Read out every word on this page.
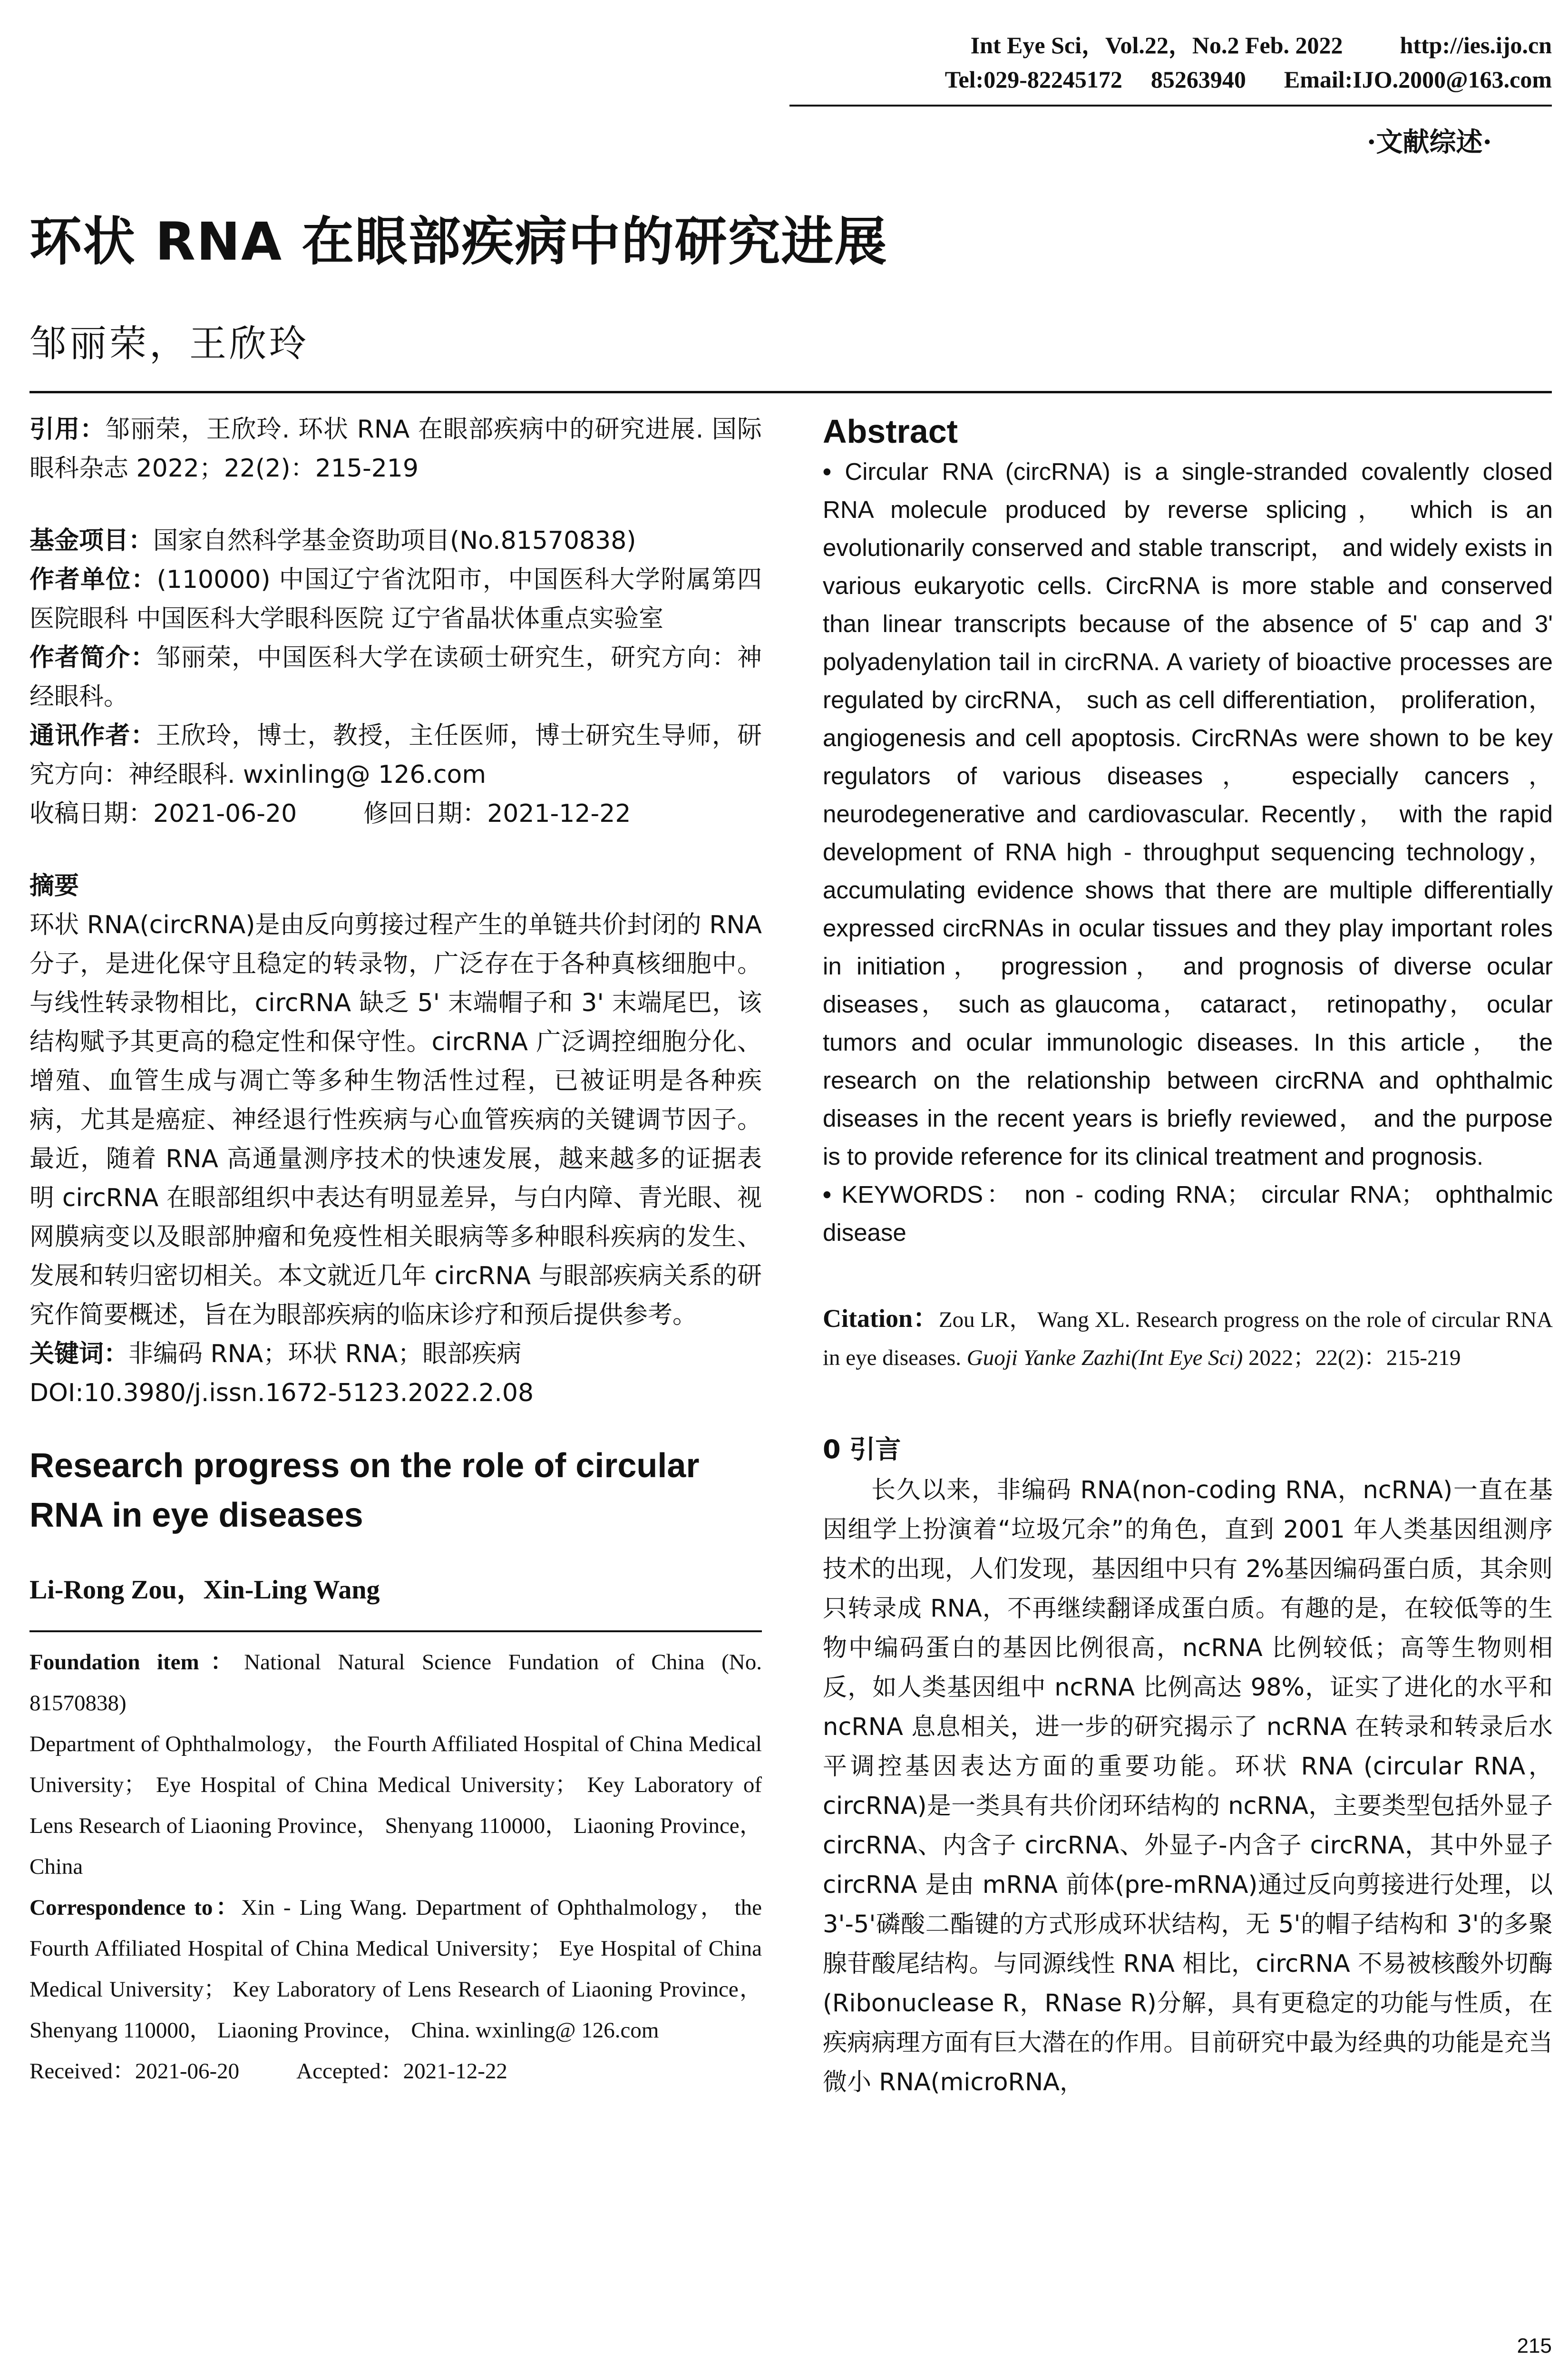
Int Eye Sci，Vol.22，No.2 Feb. 2022 http://ies.ijo.cn
Tel:029-82245172 85263940 Email:IJO.2000@163.com
·文献综述·
环状 RNA 在眼部疾病中的研究进展
邹丽荣，王欣玲

引用：邹丽荣，王欣玲. 环状 RNA 在眼部疾病中的研究进展. 国际眼科杂志 2022；22(2)：215-219

基金项目：国家自然科学基金资助项目(No.81570838)

作者单位：(110000) 中国辽宁省沈阳市，中国医科大学附属第四医院眼科 中国医科大学眼科医院 辽宁省晶状体重点实验室

作者简介：邹丽荣，中国医科大学在读硕士研究生，研究方向：神经眼科。

通讯作者：王欣玲，博士，教授，主任医师，博士研究生导师，研究方向：神经眼科. wxinling@ 126.com

收稿日期：2021-06-20	修回日期：2021-12-22

摘要

环状 RNA(circRNA)是由反向剪接过程产生的单链共价封闭的 RNA 分子，是进化保守且稳定的转录物，广泛存在于各种真核细胞中。与线性转录物相比，circRNA 缺乏 5' 末端帽子和 3' 末端尾巴，该结构赋予其更高的稳定性和保守性。circRNA 广泛调控细胞分化、增殖、血管生成与凋亡等多种生物活性过程，已被证明是各种疾病，尤其是癌症、神经退行性疾病与心血管疾病的关键调节因子。最近，随着 RNA 高通量测序技术的快速发展，越来越多的证据表明 circRNA 在眼部组织中表达有明显差异，与白内障、青光眼、视网膜病变以及眼部肿瘤和免疫性相关眼病等多种眼科疾病的发生、发展和转归密切相关。本文就近几年 circRNA 与眼部疾病关系的研究作简要概述，旨在为眼部疾病的临床诊疗和预后提供参考。

关键词：非编码 RNA；环状 RNA；眼部疾病

DOI:10.3980/j.issn.1672-5123.2022.2.08

Research progress on the role of circular RNA in eye diseases
Li-Rong Zou，Xin-Ling Wang

Foundation item：National Natural Science Fundation of China (No. 81570838)

Department of Ophthalmology， the Fourth Affiliated Hospital of China Medical University； Eye Hospital of China Medical University； Key Laboratory of Lens Research of Liaoning Province， Shenyang 110000， Liaoning Province， China

Correspondence to：Xin - Ling Wang. Department of Ophthalmology， the Fourth Affiliated Hospital of China Medical University； Eye Hospital of China Medical University； Key Laboratory of Lens Research of Liaoning Province， Shenyang 110000， Liaoning Province， China. wxinling@ 126.com

Received：2021-06-20	Accepted：2021-12-22

Abstract

• Circular RNA (circRNA) is a single-stranded covalently closed RNA molecule produced by reverse splicing， which is an evolutionarily conserved and stable transcript， and widely exists in various eukaryotic cells. CircRNA is more stable and conserved than linear transcripts because of the absence of 5' cap and 3' polyadenylation tail in circRNA. A variety of bioactive processes are regulated by circRNA， such as cell differentiation， proliferation， angiogenesis and cell apoptosis. CircRNAs were shown to be key regulators of various diseases， especially cancers， neurodegenerative and cardiovascular. Recently， with the rapid development of RNA high - throughput sequencing technology， accumulating evidence shows that there are multiple differentially expressed circRNAs in ocular tissues and they play important roles in initiation， progression， and prognosis of diverse ocular diseases， such as glaucoma， cataract， retinopathy， ocular tumors and ocular immunologic diseases. In this article， the research on the relationship between circRNA and ophthalmic diseases in the recent years is briefly reviewed， and the purpose is to provide reference for its clinical treatment and prognosis.

• KEYWORDS： non - coding RNA； circular RNA； ophthalmic disease

Citation：Zou LR， Wang XL. Research progress on the role of circular RNA in eye diseases. Guoji Yanke Zazhi(Int Eye Sci) 2022；22(2)：215-219

0 引言

长久以来，非编码 RNA(non-coding RNA，ncRNA)一直在基因组学上扮演着“垃圾冗余”的角色，直到 2001 年人类基因组测序技术的出现，人们发现，基因组中只有 2%基因编码蛋白质，其余则只转录成 RNA，不再继续翻译成蛋白质。有趣的是，在较低等的生物中编码蛋白的基因比例很高，ncRNA 比例较低；高等生物则相反，如人类基因组中 ncRNA 比例高达 98%，证实了进化的水平和 ncRNA 息息相关，进一步的研究揭示了 ncRNA 在转录和转录后水平调控基因表达方面的重要功能。环状 RNA (circular RNA，circRNA)是一类具有共价闭环结构的 ncRNA，主要类型包括外显子 circRNA、内含子 circRNA、外显子-内含子 circRNA，其中外显子 circRNA 是由 mRNA 前体(pre-mRNA)通过反向剪接进行处理，以3'-5'磷酸二酯键的方式形成环状结构，无 5'的帽子结构和 3'的多聚腺苷酸尾结构。与同源线性 RNA 相比，circRNA 不易被核酸外切酶(Ribonuclease R，RNase R)分解，具有更稳定的功能与性质，在疾病病理方面有巨大潜在的作用。目前研究中最为经典的功能是充当微小 RNA(microRNA，

215
